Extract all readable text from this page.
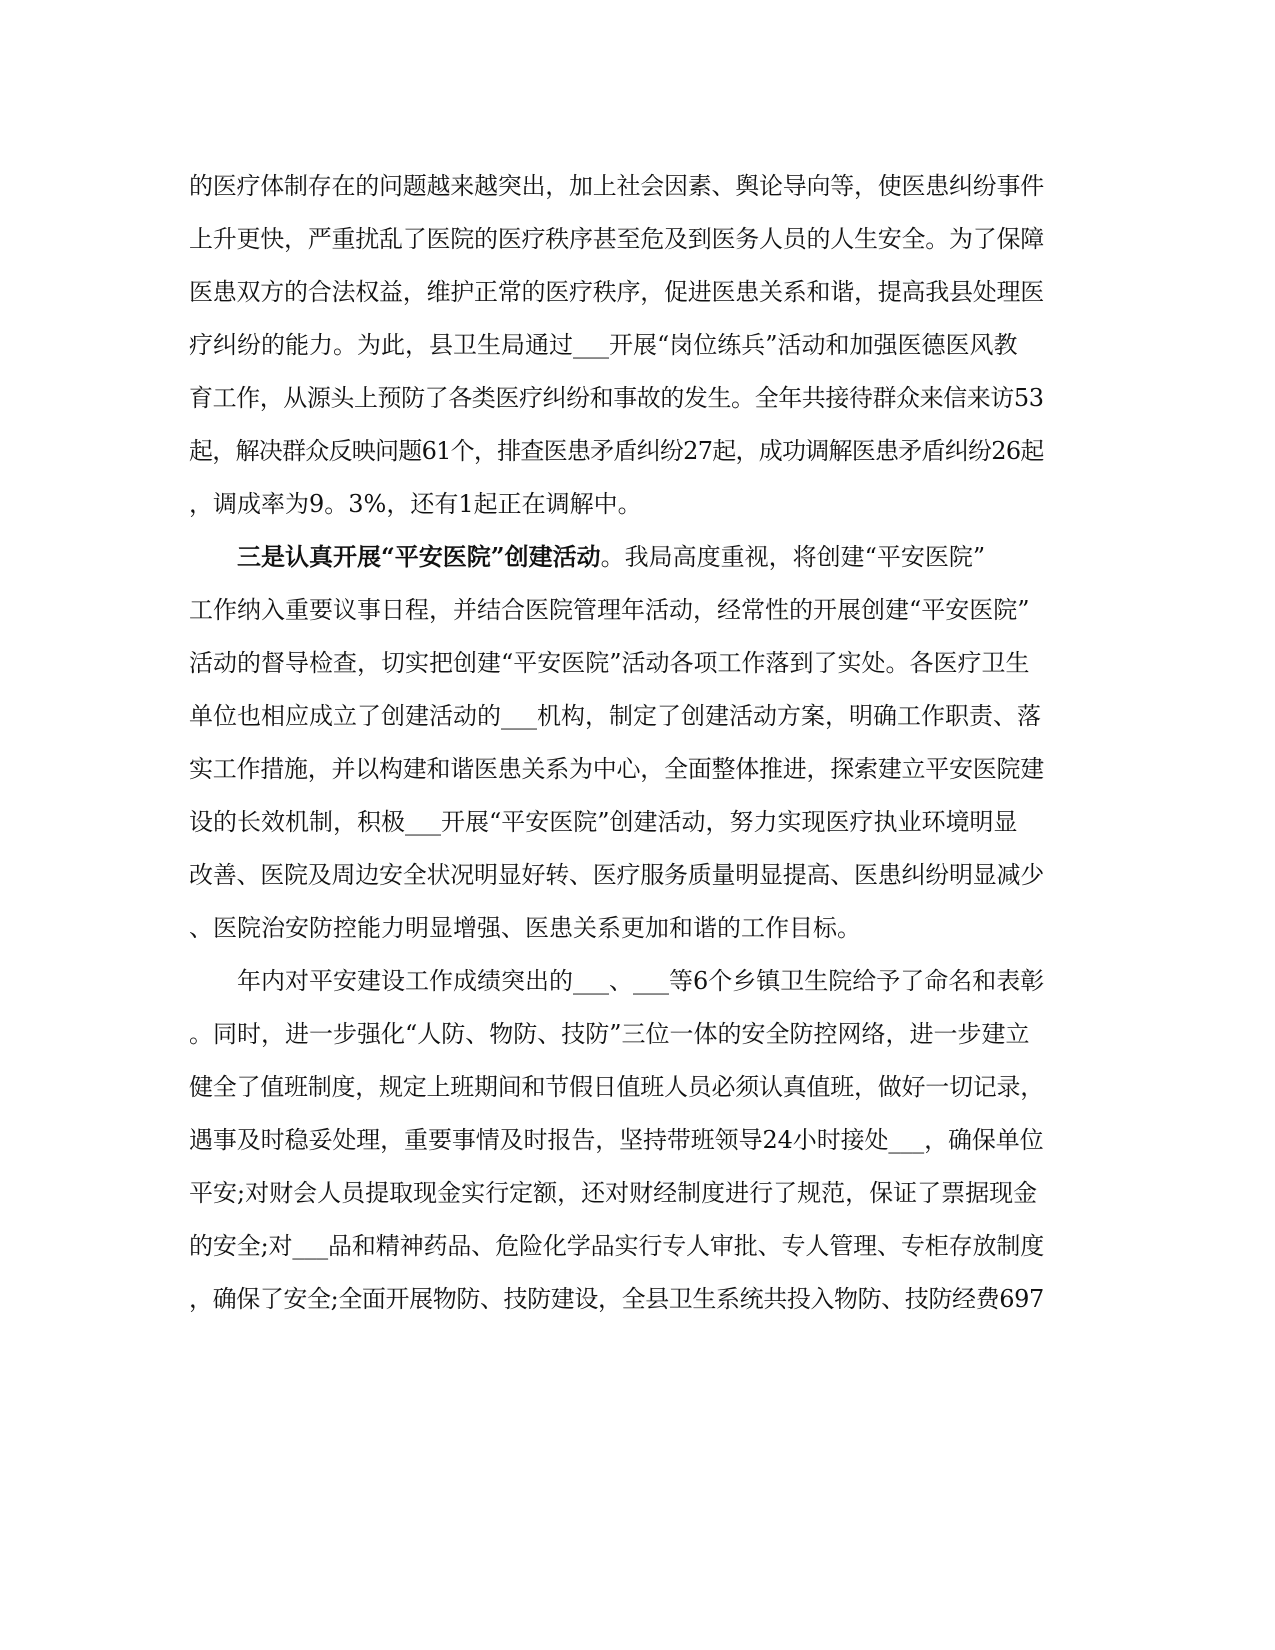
的医疗体制存在的问题越来越突出，加上社会因素、舆论导向等，使医患纠纷事件
上升更快，严重扰乱了医院的医疗秩序甚至危及到医务人员的人生安全。为了保障
医患双方的合法权益，维护正常的医疗秩序，促进医患关系和谐，提高我县处理医
疗纠纷的能力。为此，县卫生局通过___开展“岗位练兵”活动和加强医德医风教
育工作，从源头上预防了各类医疗纠纷和事故的发生。全年共接待群众来信来访53
起，解决群众反映问题61个，排查医患矛盾纠纷27起，成功调解医患矛盾纠纷26起
，调成率为9。3%，还有1起正在调解中。
三是认真开展“平安医院”创建活动。我局高度重视，将创建“平安医院”
工作纳入重要议事日程，并结合医院管理年活动，经常性的开展创建“平安医院”
活动的督导检查，切实把创建“平安医院”活动各项工作落到了实处。各医疗卫生
单位也相应成立了创建活动的___机构，制定了创建活动方案，明确工作职责、落
实工作措施，并以构建和谐医患关系为中心，全面整体推进，探索建立平安医院建
设的长效机制，积极___开展“平安医院”创建活动，努力实现医疗执业环境明显
改善、医院及周边安全状况明显好转、医疗服务质量明显提高、医患纠纷明显减少
、医院治安防控能力明显增强、医患关系更加和谐的工作目标。
年内对平安建设工作成绩突出的___、___等6个乡镇卫生院给予了命名和表彰
。同时，进一步强化“人防、物防、技防”三位一体的安全防控网络，进一步建立
健全了值班制度，规定上班期间和节假日值班人员必须认真值班，做好一切记录，
遇事及时稳妥处理，重要事情及时报告，坚持带班领导24小时接处___，确保单位
平安;对财会人员提取现金实行定额，还对财经制度进行了规范，保证了票据现金
的安全;对___品和精神药品、危险化学品实行专人审批、专人管理、专柜存放制度
，确保了安全;全面开展物防、技防建设，全县卫生系统共投入物防、技防经费697
